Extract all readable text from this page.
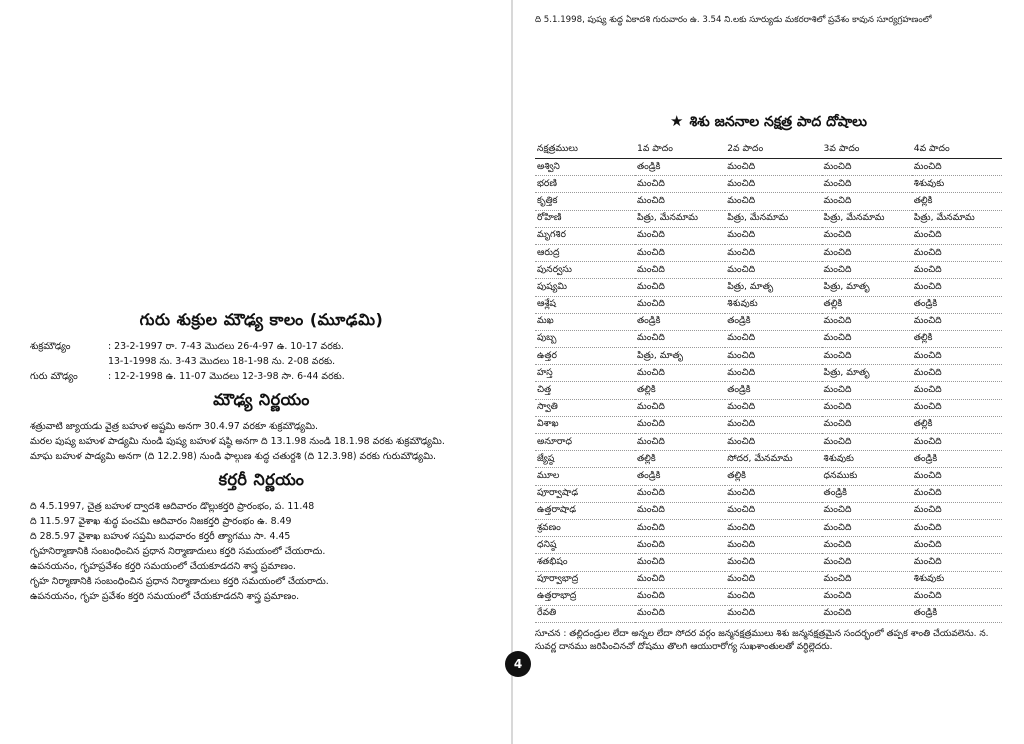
గురు శుక్రుల మౌఢ్య కాలం (మూఢమి)
శుక్రమౌఢ్యం	: 23-2-1997 రా. 7-43 మొదలు 26-4-97 ఉ. 10-17 వరకు.
13-1-1998 ను. 3-43 మొదలు 18-1-98 ను. 2-08 వరకు.
గురు మౌఢ్యం	: 12-2-1998 ఉ. 11-07 మొదలు 12-3-98 సా. 6-44 వరకు.
మౌఢ్య నిర్ణయం
శత్రువాటి జ్యాయడు వైత్ర బహుళ అష్టమి అనగా 30.4.97 వరకూ శుక్రమౌఢ్యమి.
మరల పుష్య బహుళ పాడ్యమి నుండి పుష్య బహుళ షష్ఠి అనగా ది 13.1.98 నుండి 18.1.98 వరకు శుక్రమౌఢ్యమి.
మాఘ బహుళ పాడ్యమి అనగా (ది 12.2.98) నుండి ఫాల్గుణ శుద్ధ చతుర్దశి (ది 12.3.98) వరకు గురుమౌఢ్యమి.
కర్తరీ నిర్ణయం
ది 4.5.1997, చైత్ర బహుళ ద్వాదశి ఆదివారం డొల్లుకర్తరి ప్రారంభం, ప. 11.48
ది 11.5.97 వైశాఖ శుద్ధ పంచమి ఆదివారం నిజకర్తరి ప్రారంభం ఉ. 8.49
ది 28.5.97 వైశాఖ బహుళ సప్తమి బుధవారం కర్తరీ త్యాగము సా. 4.45
గృహనిర్మాణానికి సంబంధించిన ప్రధాన నిర్మాణాదులు కర్తరి సమయంలో చేయరాదు.
ఉపనయనం, గృహప్రవేశం కర్తరి సమయంలో చేయకూడదని శాస్త్ర ప్రమాణం.
గృహ నిర్మాణానికి సంబంధించిన ప్రధాన నిర్మాణాదులు కర్తరి సమయంలో చేయరాదు.
ఉపనయనం, గృహ ప్రవేశం కర్తరి సమయంలో చేయకూడదని శాస్త్ర ప్రమాణం.
4
ది 5.1.1998, పుష్య శుద్ధ ఏకాదశి గురువారం ఉ. 3.54 ని.లకు సూర్యుడు మకరరాశిలో ప్రవేశం కావున సూర్యగ్రహణంలో

★ శిశు జననాల నక్షత్ర పాద దోషాలు
నక్షత్రములు	1వ పాదం	2వ పాదం	3వ పాదం	4వ పాదం
అశ్విని	తండ్రికి	మంచిది	మంచిది	మంచిది
భరణి	మంచిది	మంచిది	మంచిది	శిశువుకు
కృత్తిక	మంచిది	మంచిది	మంచిది	తల్లికి
రోహిణి	పిత్రు, మేనమామ	పిత్రు, మేనమామ	పిత్రు, మేనమామ	పిత్రు, మేనమామ
మృగశిర	మంచిది	మంచిది	మంచిది	మంచిది
ఆరుద్ర	మంచిది	మంచిది	మంచిది	మంచిది
పునర్వసు	మంచిది	మంచిది	మంచిది	మంచిది
పుష్యమి	మంచిది	పిత్రు, మాతృ	పిత్రు, మాతృ	మంచిది
ఆశ్లేష	మంచిది	శిశువుకు	తల్లికి	తండ్రికి
మఖ	తండ్రికి	తండ్రికి	మంచిది	మంచిది
పుబ్బ	మంచిది	మంచిది	మంచిది	తల్లికి
ఉత్తర	పిత్రు, మాతృ	మంచిది	మంచిది	మంచిది
హస్త	మంచిది	మంచిది	పిత్రు, మాతృ	మంచిది
చిత్త	తల్లికి	తండ్రికి	మంచిది	మంచిది
స్వాతి	మంచిది	మంచిది	మంచిది	మంచిది
విశాఖ	మంచిది	మంచిది	మంచిది	తల్లికి
అనూరాధ	మంచిది	మంచిది	మంచిది	మంచిది
జ్యేష్ఠ	తల్లికి	సోదర, మేనమామ	శిశువుకు	తండ్రికి
మూల	తండ్రికి	తల్లికి	ధనముకు	మంచిది
పూర్వాషాఢ	మంచిది	మంచిది	తండ్రికి	మంచిది
ఉత్తరాషాఢ	మంచిది	మంచిది	మంచిది	మంచిది
శ్రవణం	మంచిది	మంచిది	మంచిది	మంచిది
ధనిష్ఠ	మంచిది	మంచిది	మంచిది	మంచిది
శతభిషం	మంచిది	మంచిది	మంచిది	మంచిది
పూర్వాభాద్ర	మంచిది	మంచిది	మంచిది	శిశువుకు
ఉత్తరాభాద్ర	మంచిది	మంచిది	మంచిది	మంచిది
రేవతి	మంచిది	మంచిది	మంచిది	తండ్రికి
సూచన : తల్లిదండ్రుల లేదా అన్నల లేదా సోదర వర్గం జన్మనక్షత్రములు శిశు జన్మనక్షత్రమైన సందర్భంలో తప్పక శాంతి చేయవలెను. న. సువర్ణ దానము జరిపించినచో దోషము తొలగి ఆయురారోగ్య సుఖశాంతులతో వర్ధిల్లెదరు.
